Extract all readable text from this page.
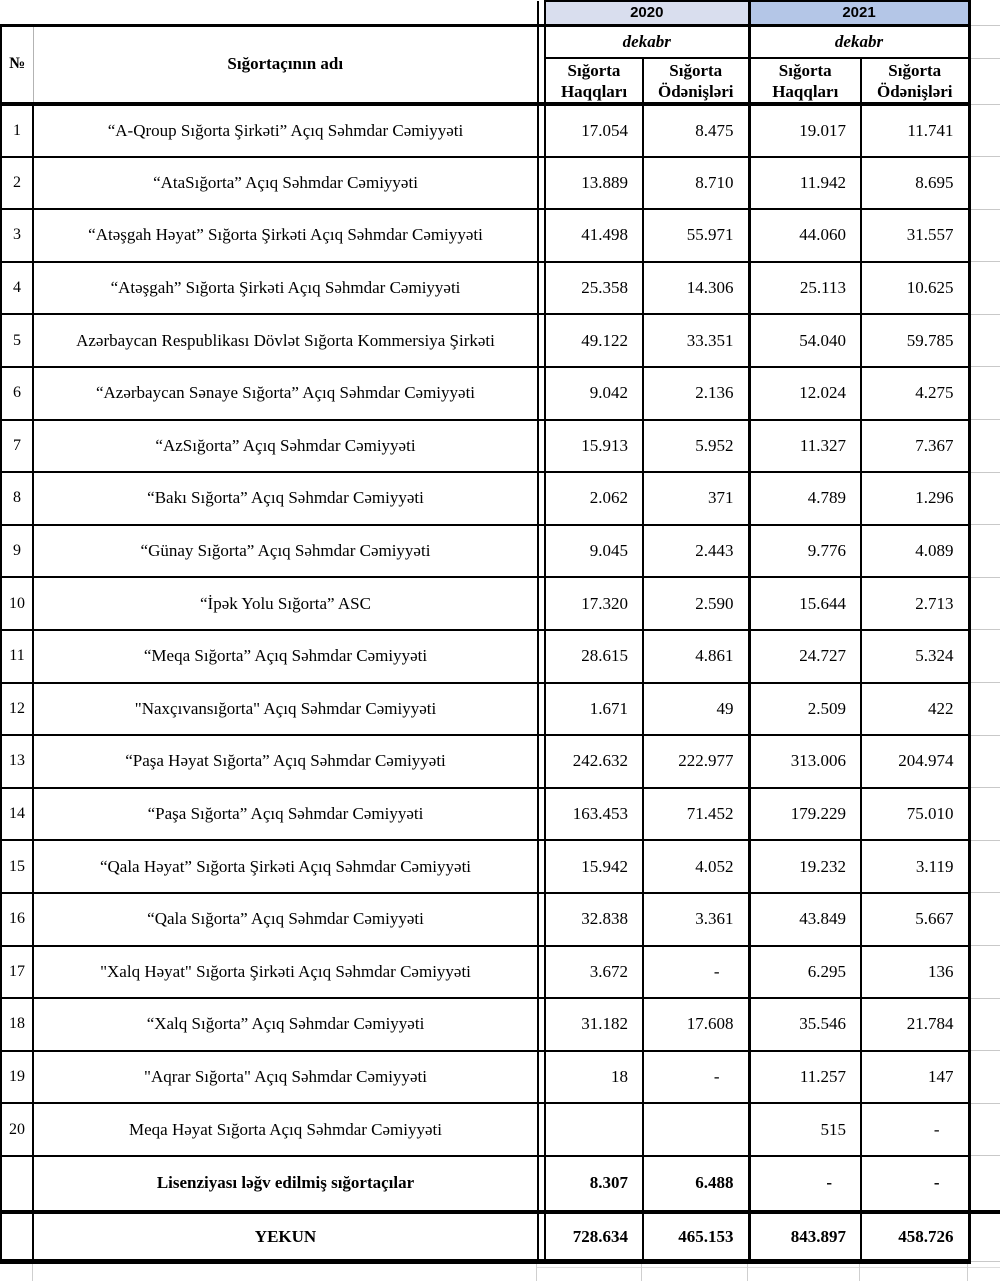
			2020		2021		
№	Sığortaçının adı		dekabr		dekabr		
			Sığorta Haqqları	Sığorta Ödənişləri	Sığorta Haqqları	Sığorta Ödənişləri	
1	“A-Qroup Sığorta Şirkəti” Açıq Səhmdar Cəmiyyəti		17.054	8.475	19.017	11.741	
2	“AtaSığorta” Açıq Səhmdar Cəmiyyəti		13.889	8.710	11.942	8.695	
3	“Atəşgah Həyat” Sığorta Şirkəti Açıq Səhmdar Cəmiyyəti		41.498	55.971	44.060	31.557	
4	“Atəşgah” Sığorta Şirkəti Açıq Səhmdar Cəmiyyəti		25.358	14.306	25.113	10.625	
5	Azərbaycan Respublikası Dövlət Sığorta Kommersiya Şirkəti		49.122	33.351	54.040	59.785	
6	“Azərbaycan Sənaye Sığorta” Açıq Səhmdar Cəmiyyəti		9.042	2.136	12.024	4.275	
7	“AzSığorta” Açıq Səhmdar Cəmiyyəti		15.913	5.952	11.327	7.367	
8	“Bakı Sığorta” Açıq Səhmdar Cəmiyyəti		2.062	371	4.789	1.296	
9	“Günay Sığorta” Açıq Səhmdar Cəmiyyəti		9.045	2.443	9.776	4.089	
10	“İpək Yolu Sığorta” ASC		17.320	2.590	15.644	2.713	
11	“Meqa Sığorta” Açıq Səhmdar Cəmiyyəti		28.615	4.861	24.727	5.324	
12	"Naxçıvansığorta" Açıq Səhmdar Cəmiyyəti		1.671	49	2.509	422	
13	“Paşa Həyat Sığorta” Açıq Səhmdar Cəmiyyəti		242.632	222.977	313.006	204.974	
14	“Paşa Sığorta” Açıq Səhmdar Cəmiyyəti		163.453	71.452	179.229	75.010	
15	“Qala Həyat” Sığorta Şirkəti Açıq Səhmdar Cəmiyyəti		15.942	4.052	19.232	3.119	
16	“Qala Sığorta” Açıq Səhmdar Cəmiyyəti		32.838	3.361	43.849	5.667	
17	"Xalq Həyat" Sığorta Şirkəti Açıq Səhmdar Cəmiyyəti		3.672	-	6.295	136	
18	“Xalq Sığorta” Açıq Səhmdar Cəmiyyəti		31.182	17.608	35.546	21.784	
19	"Aqrar Sığorta" Açıq Səhmdar Cəmiyyəti		18	-	11.257	147	
20	Meqa Həyat Sığorta Açıq Səhmdar Cəmiyyəti				515	-	
	Lisenziyası ləğv edilmiş sığortaçılar		8.307	6.488	-	-	
	YEKUN		728.634	465.153	843.897	458.726	
